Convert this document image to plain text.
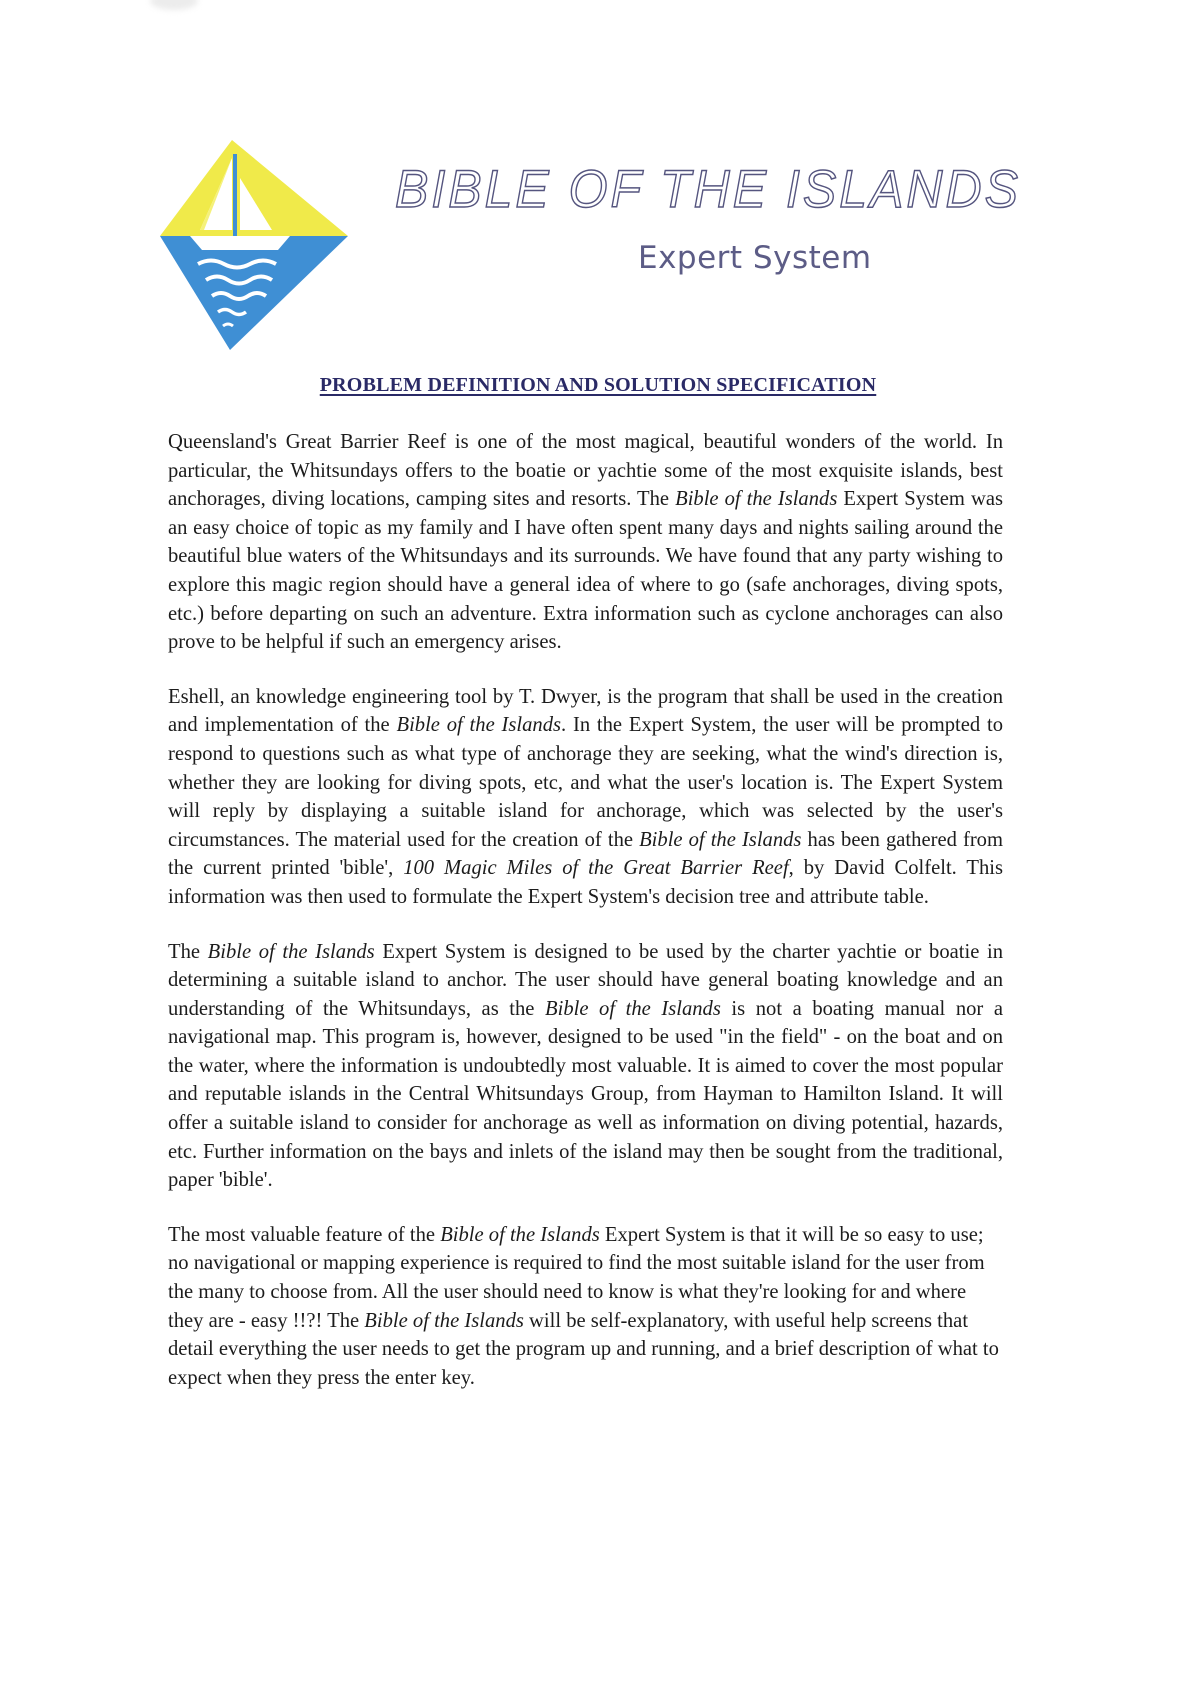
BIBLE OF THE ISLANDS
Expert System
PROBLEM DEFINITION AND SOLUTION SPECIFICATION

Queensland's Great Barrier Reef is one of the most magical, beautiful wonders of the world. In particular, the Whitsundays offers to the boatie or yachtie some of the most exquisite islands, best anchorages, diving locations, camping sites and resorts. The Bible of the Islands Expert System was an easy choice of topic as my family and I have often spent many days and nights sailing around the beautiful blue waters of the Whitsundays and its surrounds. We have found that any party wishing to explore this magic region should have a general idea of where to go (safe anchorages, diving spots, etc.) before departing on such an adventure. Extra information such as cyclone anchorages can also prove to be helpful if such an emergency arises.

Eshell, an knowledge engineering tool by T. Dwyer, is the program that shall be used in the creation and implementation of the Bible of the Islands. In the Expert System, the user will be prompted to respond to questions such as what type of anchorage they are seeking, what the wind's direction is, whether they are looking for diving spots, etc, and what the user's location is. The Expert System will reply by displaying a suitable island for anchorage, which was selected by the user's circumstances. The material used for the creation of the Bible of the Islands has been gathered from the current printed 'bible', 100 Magic Miles of the Great Barrier Reef, by David Colfelt. This information was then used to formulate the Expert System's decision tree and attribute table.

The Bible of the Islands Expert System is designed to be used by the charter yachtie or boatie in determining a suitable island to anchor. The user should have general boating knowledge and an understanding of the Whitsundays, as the Bible of the Islands is not a boating manual nor a navigational map. This program is, however, designed to be used "in the field" - on the boat and on the water, where the information is undoubtedly most valuable. It is aimed to cover the most popular and reputable islands in the Central Whitsundays Group, from Hayman to Hamilton Island. It will offer a suitable island to consider for anchorage as well as information on diving potential, hazards, etc. Further information on the bays and inlets of the island may then be sought from the traditional, paper 'bible'.

The most valuable feature of the Bible of the Islands Expert System is that it will be so easy to use; no navigational or mapping experience is required to find the most suitable island for the user from the many to choose from. All the user should need to know is what they're looking for and where they are - easy !!?! The Bible of the Islands will be self-explanatory, with useful help screens that detail everything the user needs to get the program up and running, and a brief description of what to expect when they press the enter key.
